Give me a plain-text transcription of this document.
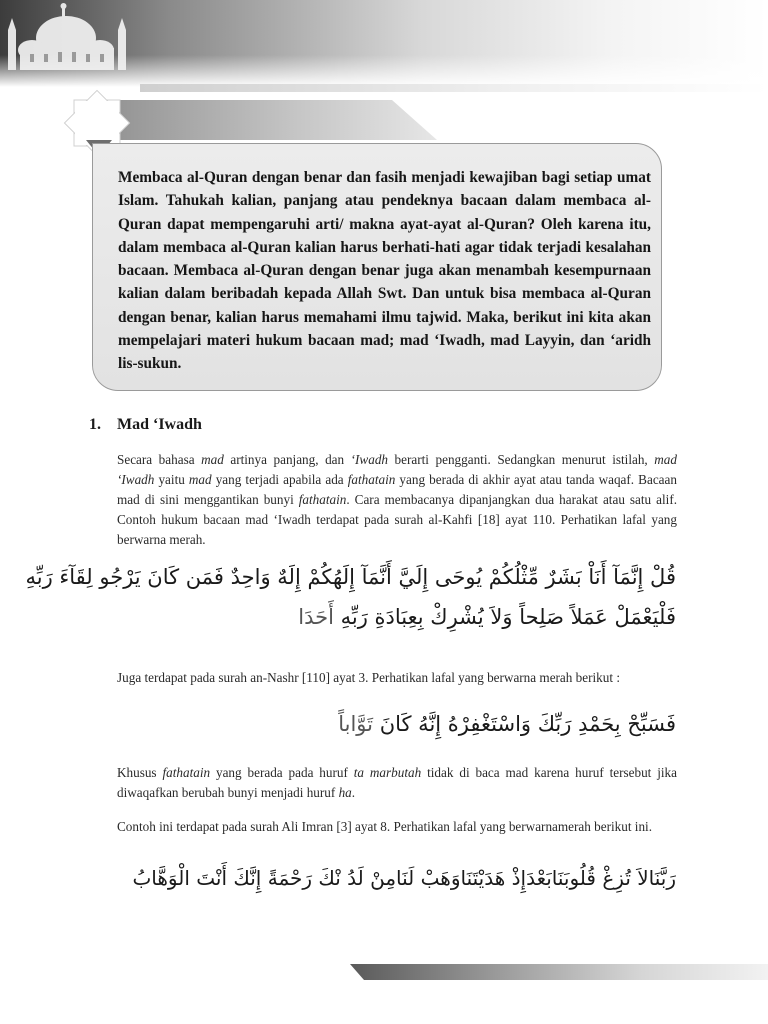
Membaca al-Quran dengan benar dan fasih menjadi kewajiban bagi setiap umat Islam. Tahukah kalian, panjang atau pendeknya bacaan dalam membaca al-Quran dapat mempengaruhi arti/ makna ayat-ayat al-Quran? Oleh karena itu, dalam membaca al-Quran kalian harus berhati-hati agar tidak terjadi kesalahan bacaan. Membaca al-Quran dengan benar juga akan menambah kesempurnaan kalian dalam beribadah kepada Allah Swt. Dan untuk bisa membaca al-Quran dengan benar, kalian harus memahami ilmu tajwid. Maka, berikut ini kita akan mempelajari materi hukum bacaan mad; mad ‘Iwadh, mad Layyin, dan ‘aridh lis-sukun.
1. Mad ‘Iwadh
Secara bahasa mad artinya panjang, dan ‘Iwadh berarti pengganti. Sedangkan menurut istilah, mad ‘Iwadh yaitu mad yang terjadi apabila ada fathatain yang berada di akhir ayat atau tanda waqaf. Bacaan mad di sini menggantikan bunyi fathatain. Cara membacanya dipanjangkan dua harakat atau satu alif. Contoh hukum bacaan mad ‘Iwadh terdapat pada surah al-Kahfi [18] ayat 110. Perhatikan lafal yang berwarna merah.
قُلْ إِنَّمَآ أَنَاْ بَشَرٌ مِّثْلُكُمْ يُوحَى إِلَيَّ أَنَّمَآ إِلَهُكُمْ إِلَهٌ وَاحِدٌ فَمَن كَانَ يَرْجُو لِقَآءَ رَبِّهِ
فَلْيَعْمَلْ عَمَلاً صَلِحاً وَلاَ يُشْرِكْ بِعِبَادَةِ رَبِّهِ أَحَدَا
Juga terdapat pada surah an-Nashr [110] ayat 3. Perhatikan lafal yang berwarna merah berikut :
فَسَبِّحْ بِحَمْدِ رَبِّكَ وَاسْتَغْفِرْهُ إِنَّهُ كَانَ تَوَّاباً
Khusus fathatain yang berada pada huruf ta marbutah tidak di baca mad karena huruf tersebut jika diwaqafkan berubah bunyi menjadi huruf ha.
Contoh ini terdapat pada surah Ali Imran [3] ayat 8. Perhatikan lafal yang berwarnamerah berikut ini.
رَبَّنَالاَ تُزِغْ قُلُوبَنَابَعْدَإِذْ هَدَيْتَنَاوَهَبْ لَنَامِنْ لَدُ نْكَ رَحْمَةً إِنَّكَ أَنْتَ الْوَهَّابُ
